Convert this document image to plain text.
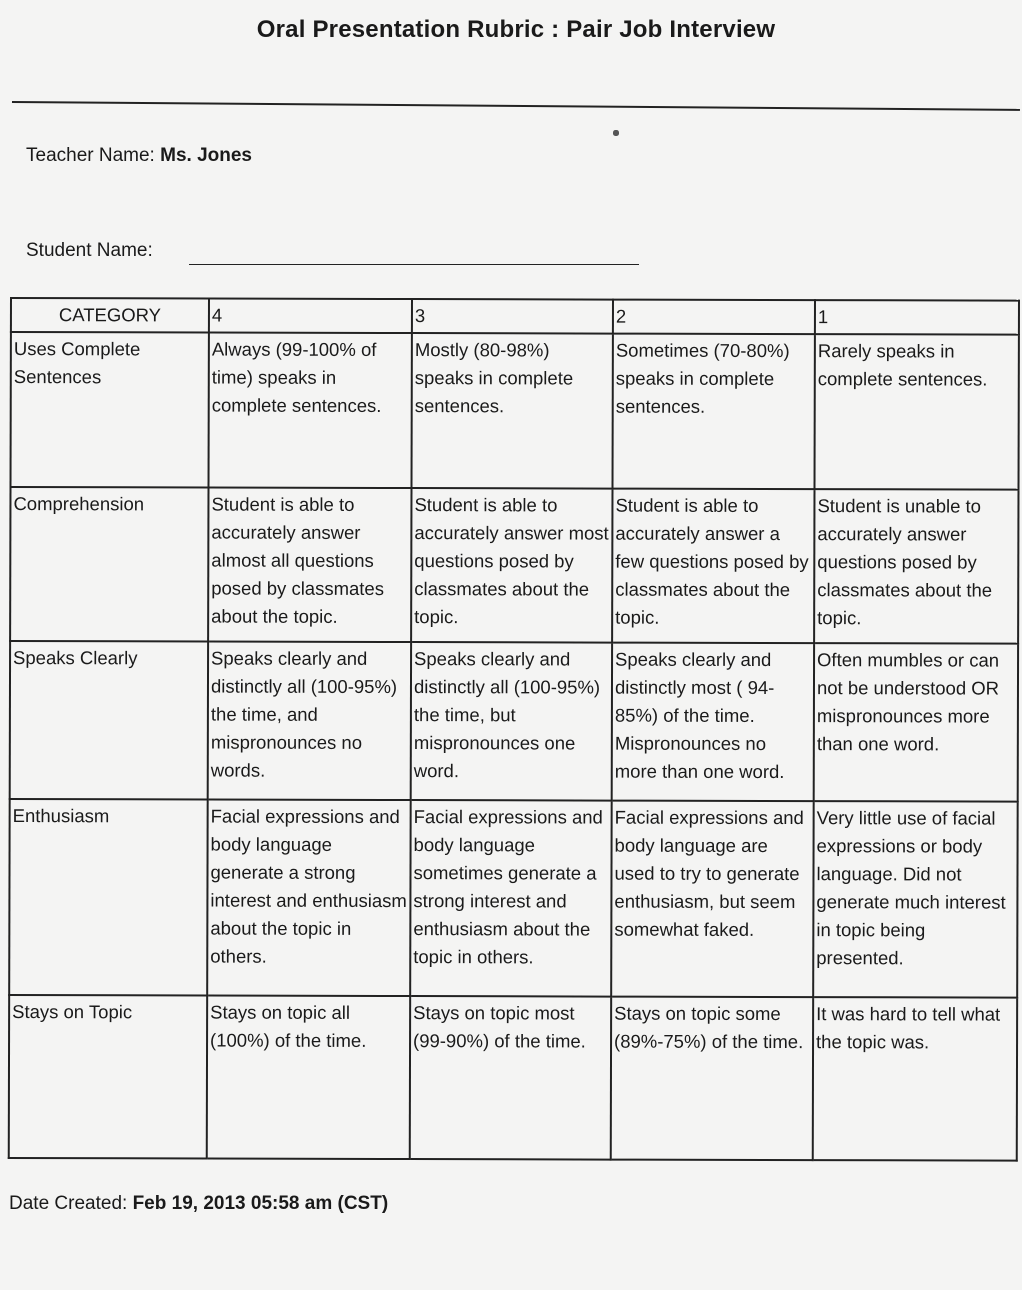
Oral Presentation Rubric : Pair Job Interview
Teacher Name: Ms. Jones
Student Name:
CATEGORY	4	3	2	1
Uses Complete Sentences	Always (99-100% of time) speaks in complete sentences.	Mostly (80-98%) speaks in complete sentences.	Sometimes (70-80%) speaks in complete sentences.	Rarely speaks in complete sentences.
Comprehension	Student is able to accurately answer almost all questions posed by classmates about the topic.	Student is able to accurately answer most questions posed by classmates about the topic.	Student is able to accurately answer a few questions posed by classmates about the topic.	Student is unable to accurately answer questions posed by classmates about the topic.
Speaks Clearly	Speaks clearly and distinctly all (100-95%) the time, and mispronounces no words.	Speaks clearly and distinctly all (100-95%) the time, but mispronounces one word.	Speaks clearly and distinctly most ( 94-85%) of the time. Mispronounces no more than one word.	Often mumbles or can not be understood OR mispronounces more than one word.
Enthusiasm	Facial expressions and body language generate a strong interest and enthusiasm about the topic in others.	Facial expressions and body language sometimes generate a strong interest and enthusiasm about the topic in others.	Facial expressions and body language are used to try to generate enthusiasm, but seem somewhat faked.	Very little use of facial expressions or body language. Did not generate much interest in topic being presented.
Stays on Topic	Stays on topic all (100%) of the time.	Stays on topic most (99-90%) of the time.	Stays on topic some (89%-75%) of the time.	It was hard to tell what the topic was.
Date Created: Feb 19, 2013 05:58 am (CST)
